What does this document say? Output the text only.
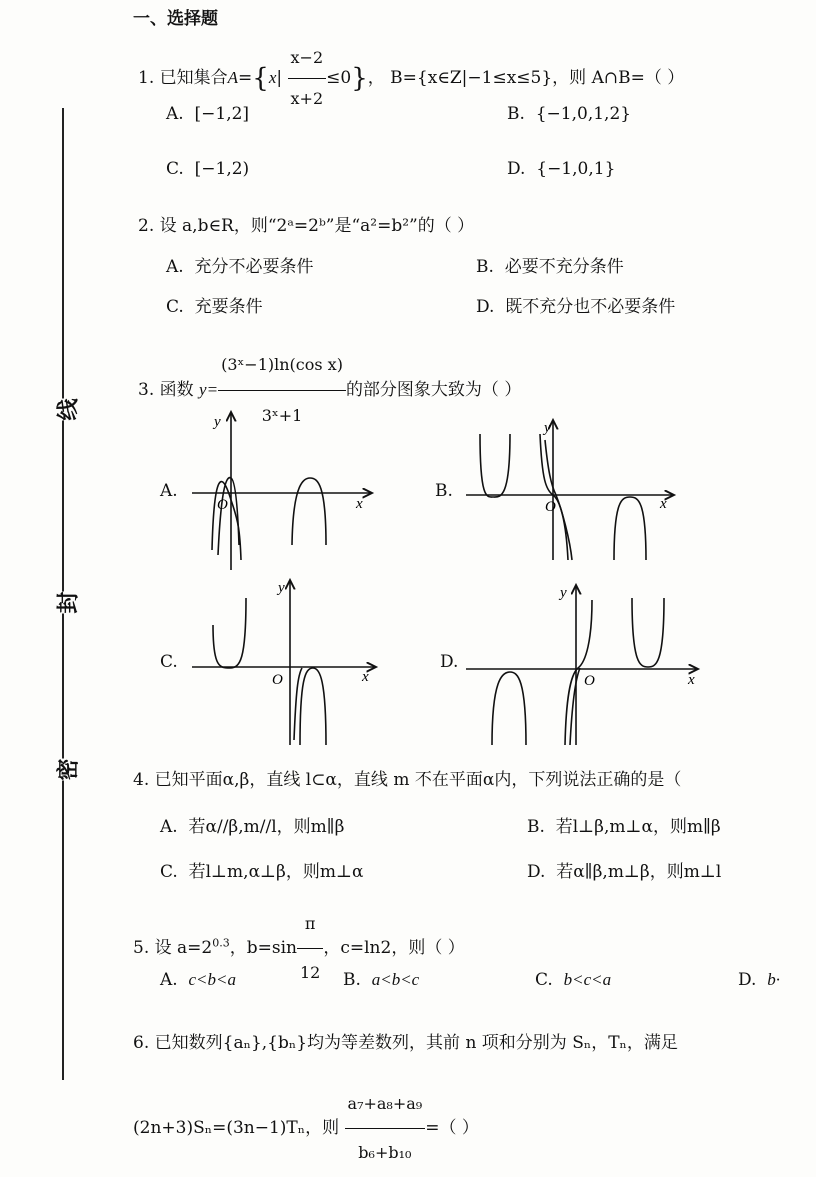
线
封
密
一、选择题
1. 已知集合$A=\{x| \frac{x-2}{x+2} \le 0\}$， B={x∈Z|−1≤x≤5}，则 A∩B=（ ）
A. [−1,2]	B. {−1,0,1,2}
C. [−1,2)	D. {−1,0,1}
2. 设 a,b∈R，则“2ᵃ=2ᵇ”是“a²=b²”的（ ）
A. 充分不必要条件	B. 必要不充分条件
C. 充要条件	D. 既不充分也不必要条件
3. 函数 $y= \frac{\text{(3ˣ−1)ln(cos x)}}{\text{3ˣ+1}}$ 的部分图象大致为（ ）
A.	B.
C.	D.
y
x
O
y
x
O
y
x
O
y
x
O
4. 已知平面α,β，直线 l⊂α，直线 m 不在平面α内，下列说法正确的是（
A. 若α//β,m//l，则m∥β	B. 若l⊥β,m⊥α，则m∥β
C. 若l⊥m,α⊥β，则m⊥α	D. 若α∥β,m⊥β，则m⊥l
5. 设 $a=2^{0.3}$，$b=\sin \frac{\pi}{12}$ ，c=ln2，则（ ）
A. c<b<a	B. a<b<c	C. b<c<a	D. b·
6. 已知数列{aₙ},{bₙ}均为等差数列，其前 n 项和分别为 Sₙ，Tₙ，满足
(2n+3)Sₙ=(3n−1)Tₙ，则 $\frac{\text{a₇+a₈+a₉}}{\text{b₆+b₁₀}}$ =（ ）
